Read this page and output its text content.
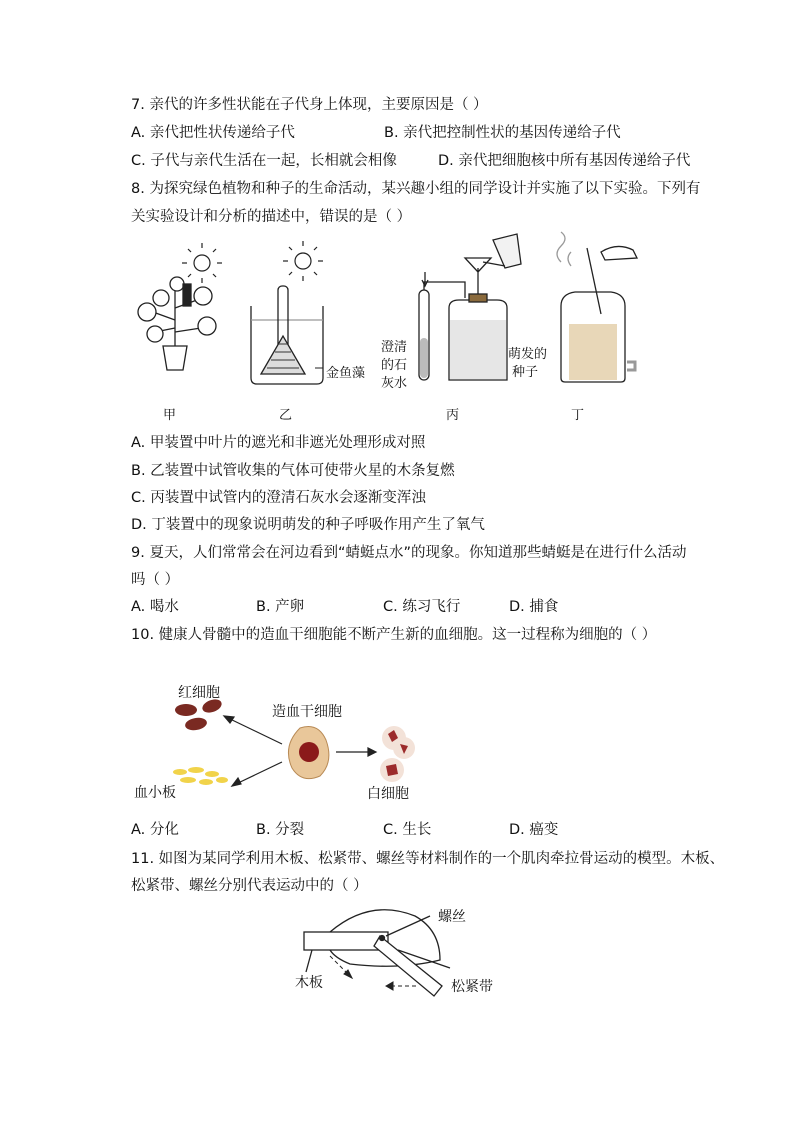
7. 亲代的许多性状能在子代身上体现，主要原因是（ ）
A. 亲代把性状传递给子代	B. 亲代把控制性状的基因传递给子代
C. 子代与亲代生活在一起，长相就会相像	D. 亲代把细胞核中所有基因传递给子代
8. 为探究绿色植物和种子的生命活动，某兴趣小组的同学设计并实施了以下实验。下列有
关实验设计和分析的描述中，错误的是（ ）
金鱼藻
澄清
的石
灰水
萌发的
种子
甲	乙	丙	丁
A. 甲装置中叶片的遮光和非遮光处理形成对照
B. 乙装置中试管收集的气体可使带火星的木条复燃
C. 丙装置中试管内的澄清石灰水会逐渐变浑浊
D. 丁装置中的现象说明萌发的种子呼吸作用产生了氧气
9. 夏天，人们常常会在河边看到“蜻蜓点水”的现象。你知道那些蜻蜓是在进行什么活动
吗（ ）
A. 喝水	B. 产卵	C. 练习飞行	D. 捕食
10. 健康人骨髓中的造血干细胞能不断产生新的血细胞。这一过程称为细胞的（ ）
红细胞
造血干细胞
血小板	白细胞
A. 分化	B. 分裂	C. 生长	D. 癌变
11. 如图为某同学利用木板、松紧带、螺丝等材料制作的一个肌肉牵拉骨运动的模型。木板、
松紧带、螺丝分别代表运动中的（ ）
螺丝
木板	松紧带
